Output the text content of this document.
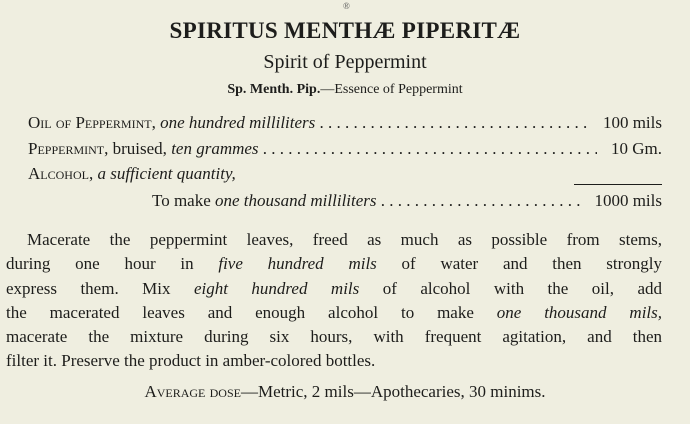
®
SPIRITUS MENTHÆ PIPERITÆ
Spirit of Peppermint
Sp. Menth. Pip.—Essence of Peppermint
Oil of Peppermint, one hundred milliliters . . .	100 mils
Peppermint, bruised, ten grammes . . .	10 Gm.
Alcohol, a sufficient quantity,
To make one thousand milliliters . . .	1000 mils
Macerate the peppermint leaves, freed as much as possible from stems,
during one hour in five hundred mils of water and then strongly
express them. Mix eight hundred mils of alcohol with the oil, add
the macerated leaves and enough alcohol to make one thousand mils,
macerate the mixture during six hours, with frequent agitation, and then
filter it. Preserve the product in amber-colored bottles.
Average dose—Metric, 2 mils—Apothecaries, 30 minims.
